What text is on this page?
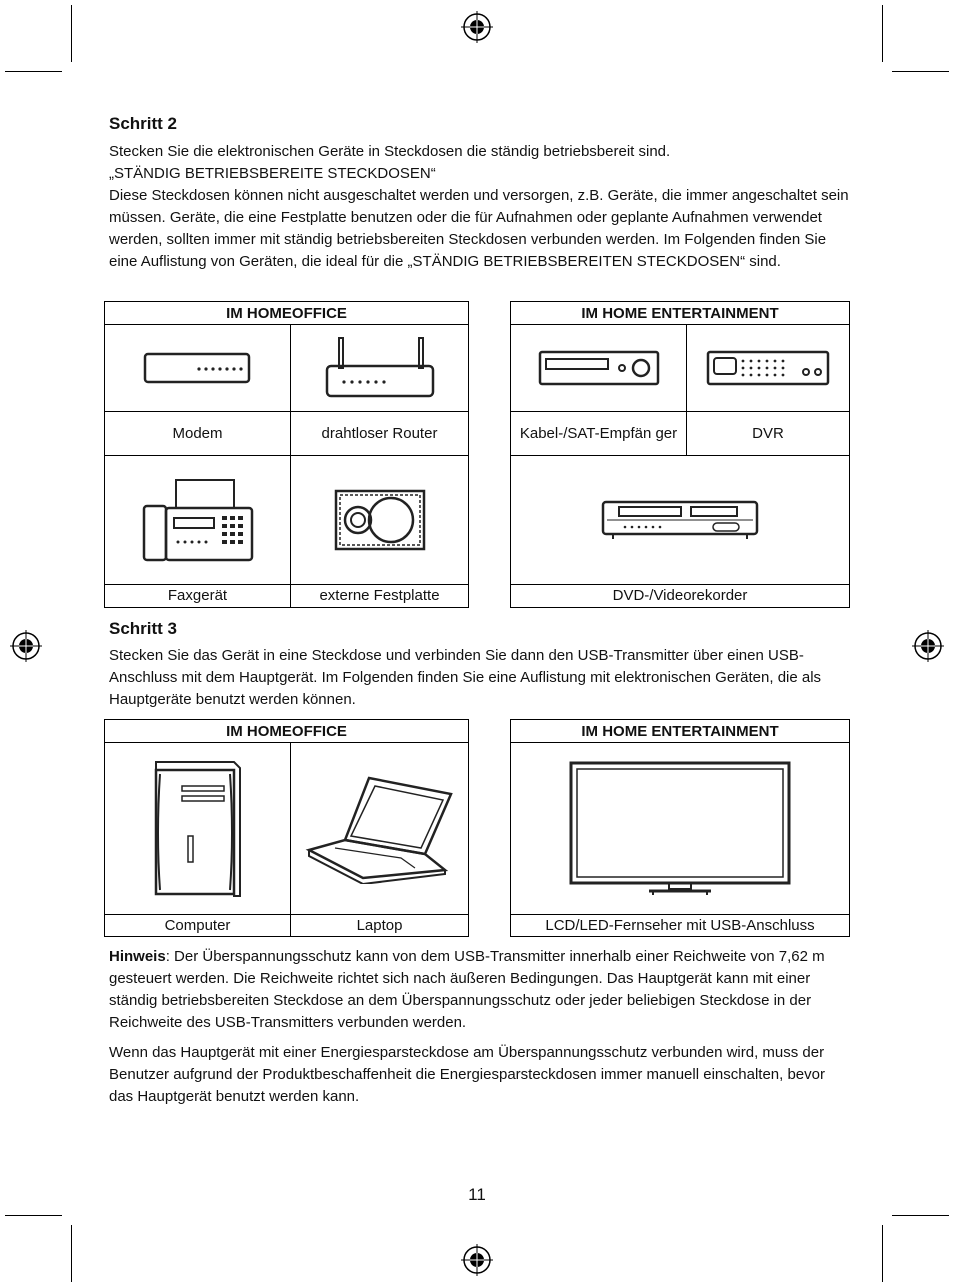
Schritt 2
Stecken Sie die elektronischen Geräte in Steckdosen die ständig betriebsbereit sind.
„STÄNDIG BETRIEBSBEREITE STECKDOSEN“
Diese Steckdosen können nicht ausgeschaltet werden und versorgen, z.B. Geräte, die immer angeschaltet sein müssen. Geräte, die eine Festplatte benutzen oder die für Aufnahmen oder geplante Aufnahmen verwendet werden, sollten immer mit ständig betriebsbereiten Steckdosen verbunden werden. Im Folgenden finden Sie eine Auflistung von Geräten, die ideal für die „STÄNDIG BETRIEBSBEREITEN STECKDOSEN“ sind.
IM HOMEOFFICE	

Modem	drahtloser Router

Faxgerät	externe Festplatte
IM HOME ENTERTAINMENT	

Kabel-/SAT-Empfän ger	DVR

DVD-/Videorekorder	
Schritt 3

Stecken Sie das Gerät in eine Steckdose und verbinden Sie dann den USB-Transmitter über einen USB-Anschluss mit dem Hauptgerät. Im Folgenden finden Sie eine Auflistung mit elektronischen Geräten, die als Hauptgeräte benutzt werden können.

IM HOMEOFFICE	

Computer	Laptop
IM HOME ENTERTAINMENT

LCD/LED-Fernseher mit USB-Anschluss
Hinweis: Der Überspannungsschutz kann von dem USB-Transmitter innerhalb einer Reichweite von 7,62 m gesteuert werden. Die Reichweite richtet sich nach äußeren Bedingungen. Das Hauptgerät kann mit einer ständig betriebsbereiten Steckdose an dem Überspannungsschutz oder jeder beliebigen Steckdose in der Reichweite des USB-Transmitters verbunden werden.

Wenn das Hauptgerät mit einer Energiesparsteckdose am Überspannungsschutz verbunden wird, muss der Benutzer aufgrund der Produktbeschaffenheit die Energiesparsteckdosen immer manuell einschalten, bevor das Hauptgerät benutzt werden kann.

11
